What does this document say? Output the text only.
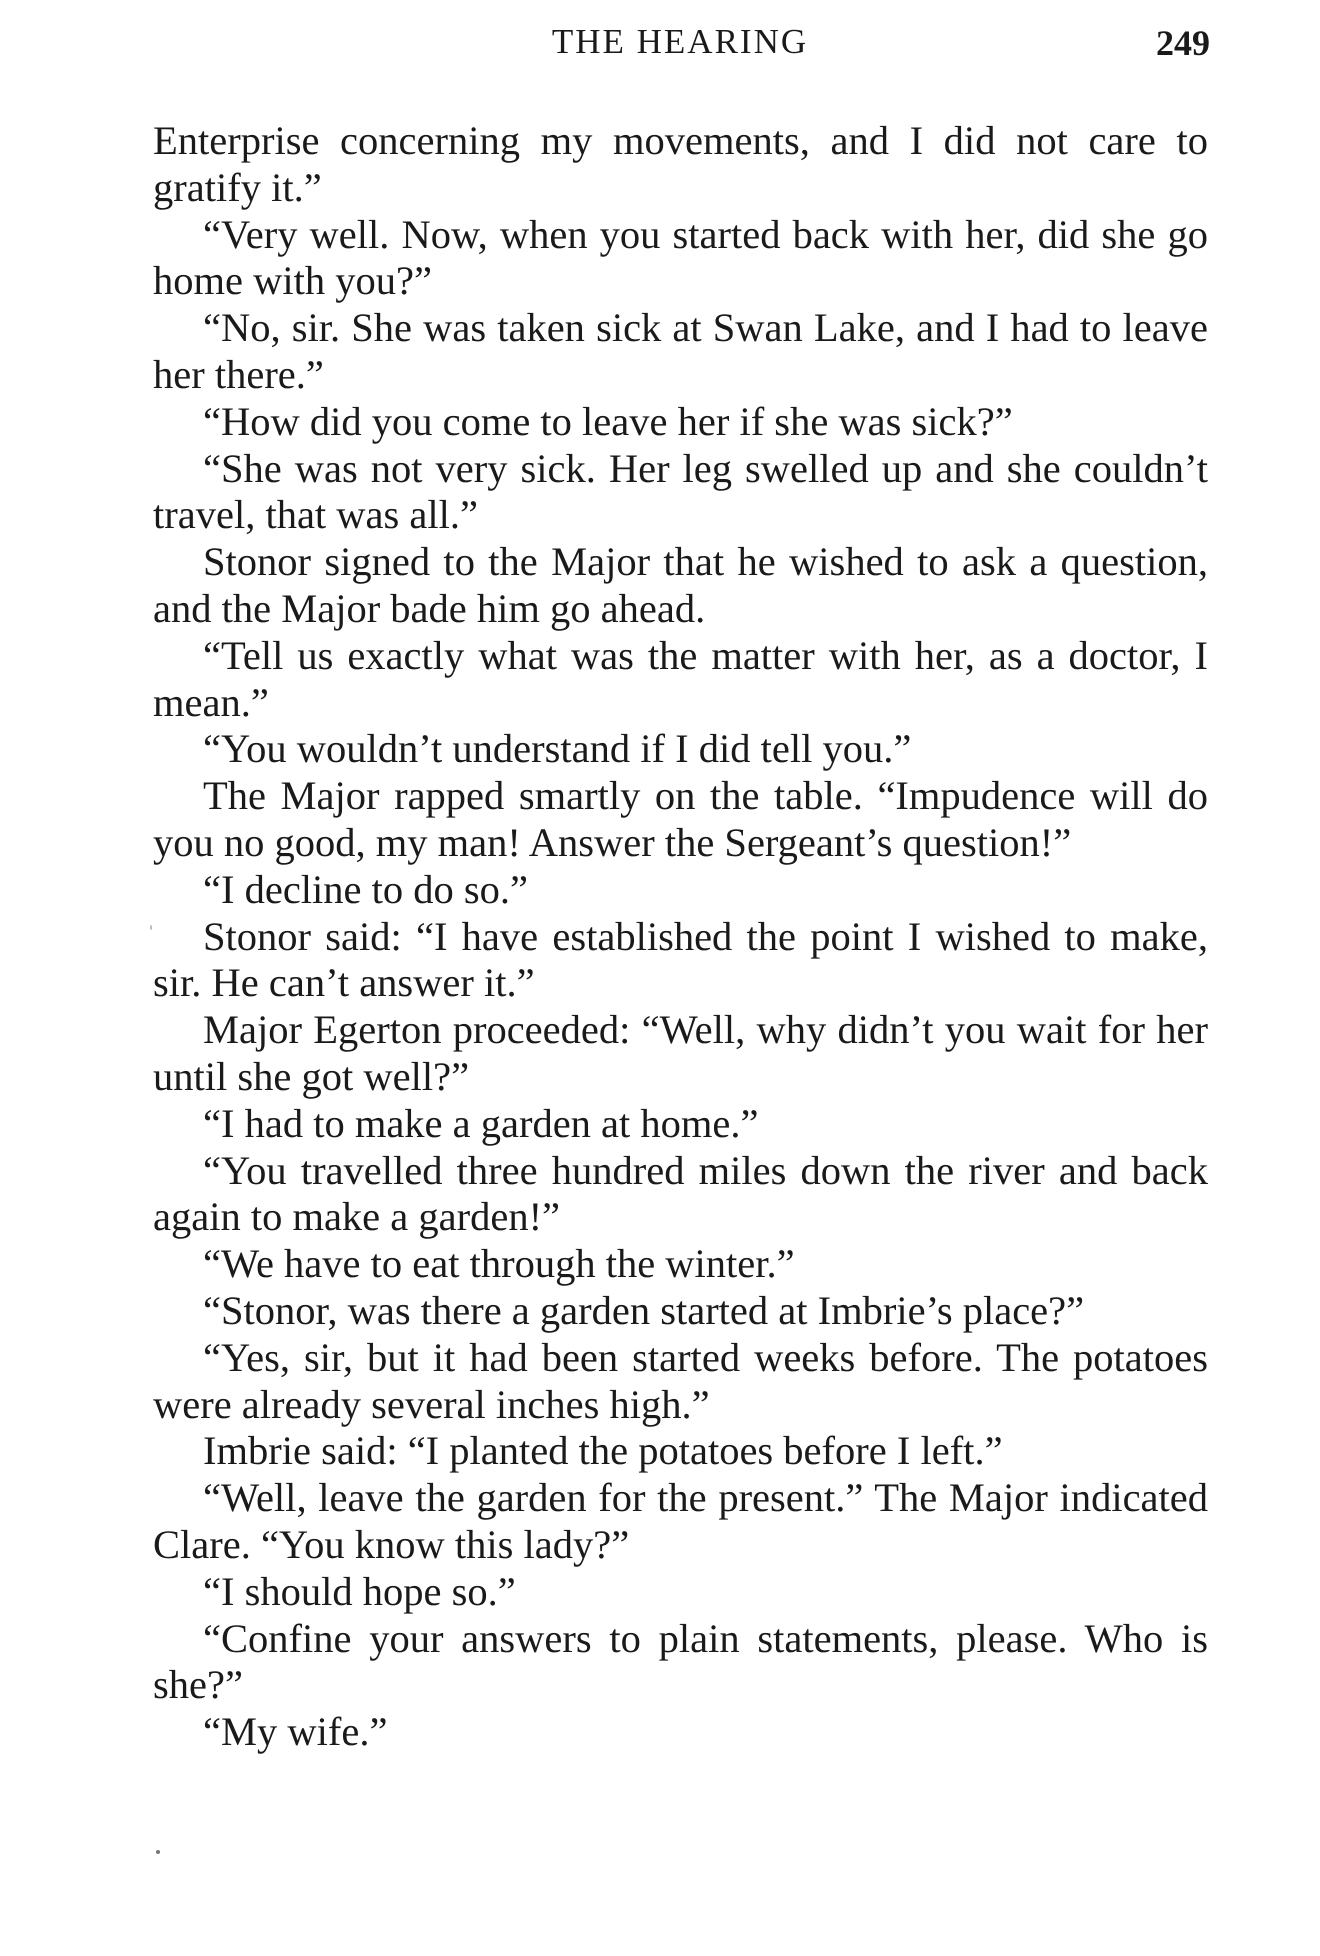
THE HEARING	249

Enterprise concerning my movements, and I did not care to gratify it.”

“Very well. Now, when you started back with her, did she go home with you?”

“No, sir. She was taken sick at Swan Lake, and I had to leave her there.”

“How did you come to leave her if she was sick?”

“She was not very sick. Her leg swelled up and she couldn’t travel, that was all.”

Stonor signed to the Major that he wished to ask a question, and the Major bade him go ahead.

“Tell us exactly what was the matter with her, as a doctor, I mean.”

“You wouldn’t understand if I did tell you.”

The Major rapped smartly on the table. “Impudence will do you no good, my man! Answer the Sergeant’s question!”

“I decline to do so.”

Stonor said: “I have established the point I wished to make, sir. He can’t answer it.”

Major Egerton proceeded: “Well, why didn’t you wait for her until she got well?”

“I had to make a garden at home.”

“You travelled three hundred miles down the river and back again to make a garden!”

“We have to eat through the winter.”

“Stonor, was there a garden started at Imbrie’s place?”

“Yes, sir, but it had been started weeks before. The potatoes were already several inches high.”

Imbrie said: “I planted the potatoes before I left.”

“Well, leave the garden for the present.” The Major indicated Clare. “You know this lady?”

“I should hope so.”

“Confine your answers to plain statements, please. Who is she?”

“My wife.”
